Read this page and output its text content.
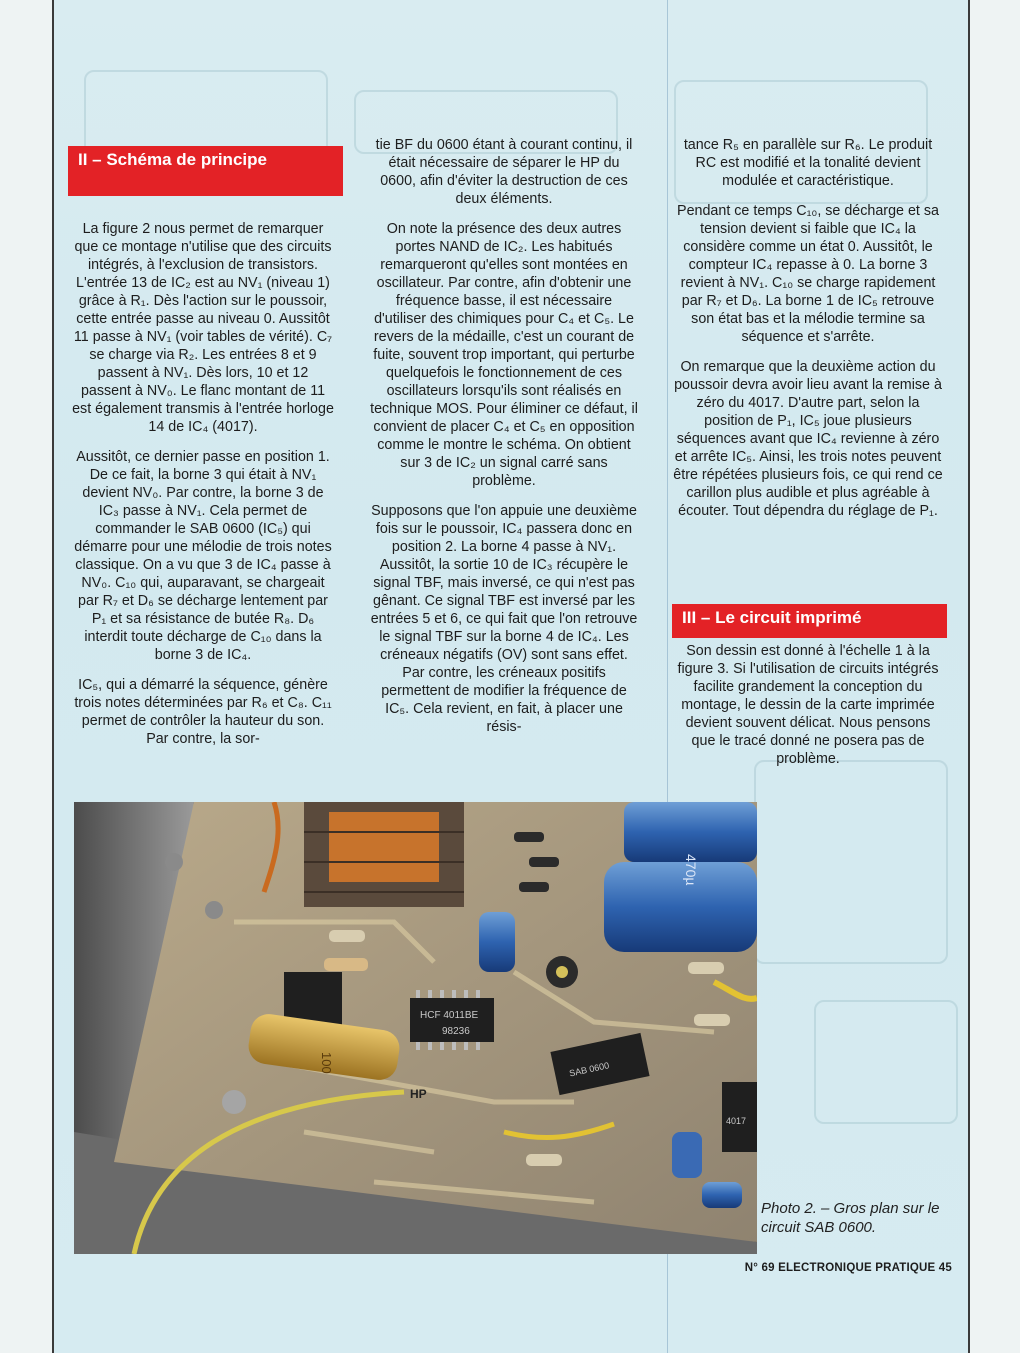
II – Schéma de principe

La figure 2 nous permet de remarquer que ce montage n'utilise que des circuits intégrés, à l'exclusion de transistors. L'entrée 13 de IC₂ est au NV₁ (niveau 1) grâce à R₁. Dès l'action sur le poussoir, cette entrée passe au niveau 0. Aussitôt 11 passe à NV₁ (voir tables de vérité). C₇ se charge via R₂. Les entrées 8 et 9 passent à NV₁. Dès lors, 10 et 12 passent à NV₀. Le flanc montant de 11 est également transmis à l'entrée horloge 14 de IC₄ (4017).

Aussitôt, ce dernier passe en position 1. De ce fait, la borne 3 qui était à NV₁ devient NV₀. Par contre, la borne 3 de IC₃ passe à NV₁. Cela permet de commander le SAB 0600 (IC₅) qui démarre pour une mélodie de trois notes classique. On a vu que 3 de IC₄ passe à NV₀. C₁₀ qui, auparavant, se chargeait par R₇ et D₆ se décharge lentement par P₁ et sa résistance de butée R₈. D₆ interdit toute décharge de C₁₀ dans la borne 3 de IC₄.

IC₅, qui a démarré la séquence, génère trois notes déterminées par R₆ et C₈. C₁₁ permet de contrôler la hauteur du son. Par contre, la sor-

tie BF du 0600 étant à courant continu, il était nécessaire de séparer le HP du 0600, afin d'éviter la destruction de ces deux éléments.

On note la présence des deux autres portes NAND de IC₂. Les habitués remarqueront qu'elles sont montées en oscillateur. Par contre, afin d'obtenir une fréquence basse, il est nécessaire d'utiliser des chimiques pour C₄ et C₅. Le revers de la médaille, c'est un courant de fuite, souvent trop important, qui perturbe quelquefois le fonctionnement de ces oscillateurs lorsqu'ils sont réalisés en technique MOS. Pour éliminer ce défaut, il convient de placer C₄ et C₅ en opposition comme le montre le schéma. On obtient sur 3 de IC₂ un signal carré sans problème.

Supposons que l'on appuie une deuxième fois sur le poussoir, IC₄ passera donc en position 2. La borne 4 passe à NV₁. Aussitôt, la sortie 10 de IC₃ récupère le signal TBF, mais inversé, ce qui n'est pas gênant. Ce signal TBF est inversé par les entrées 5 et 6, ce qui fait que l'on retrouve le signal TBF sur la borne 4 de IC₄. Les créneaux négatifs (OV) sont sans effet. Par contre, les créneaux positifs permettent de modifier la fréquence de IC₅. Cela revient, en fait, à placer une résis-

tance R₅ en parallèle sur R₆. Le produit RC est modifié et la tonalité devient modulée et caractéristique.

Pendant ce temps C₁₀, se décharge et sa tension devient si faible que IC₄ la considère comme un état 0. Aussitôt, le compteur IC₄ repasse à 0. La borne 3 revient à NV₁. C₁₀ se charge rapidement par R₇ et D₆. La borne 1 de IC₅ retrouve son état bas et la mélodie termine sa séquence et s'arrête.

On remarque que la deuxième action du poussoir devra avoir lieu avant la remise à zéro du 4017. D'autre part, selon la position de P₁, IC₅ joue plusieurs séquences avant que IC₄ revienne à zéro et arrête IC₅. Ainsi, les trois notes peuvent être répétées plusieurs fois, ce qui rend ce carillon plus audible et plus agréable à écouter. Tout dépendra du réglage de P₁.

III – Le circuit imprimé

Son dessin est donné à l'échelle 1 à la figure 3. Si l'utilisation de circuits intégrés facilite grandement la conception du montage, le dessin de la carte imprimée devient souvent délicat. Nous pensons que le tracé donné ne posera pas de problème.

470µ
HCF 4011BE
98236
SAB 0600
4017
100
HP
Photo 2. – Gros plan sur le circuit SAB 0600.
N° 69 ELECTRONIQUE PRATIQUE 45
